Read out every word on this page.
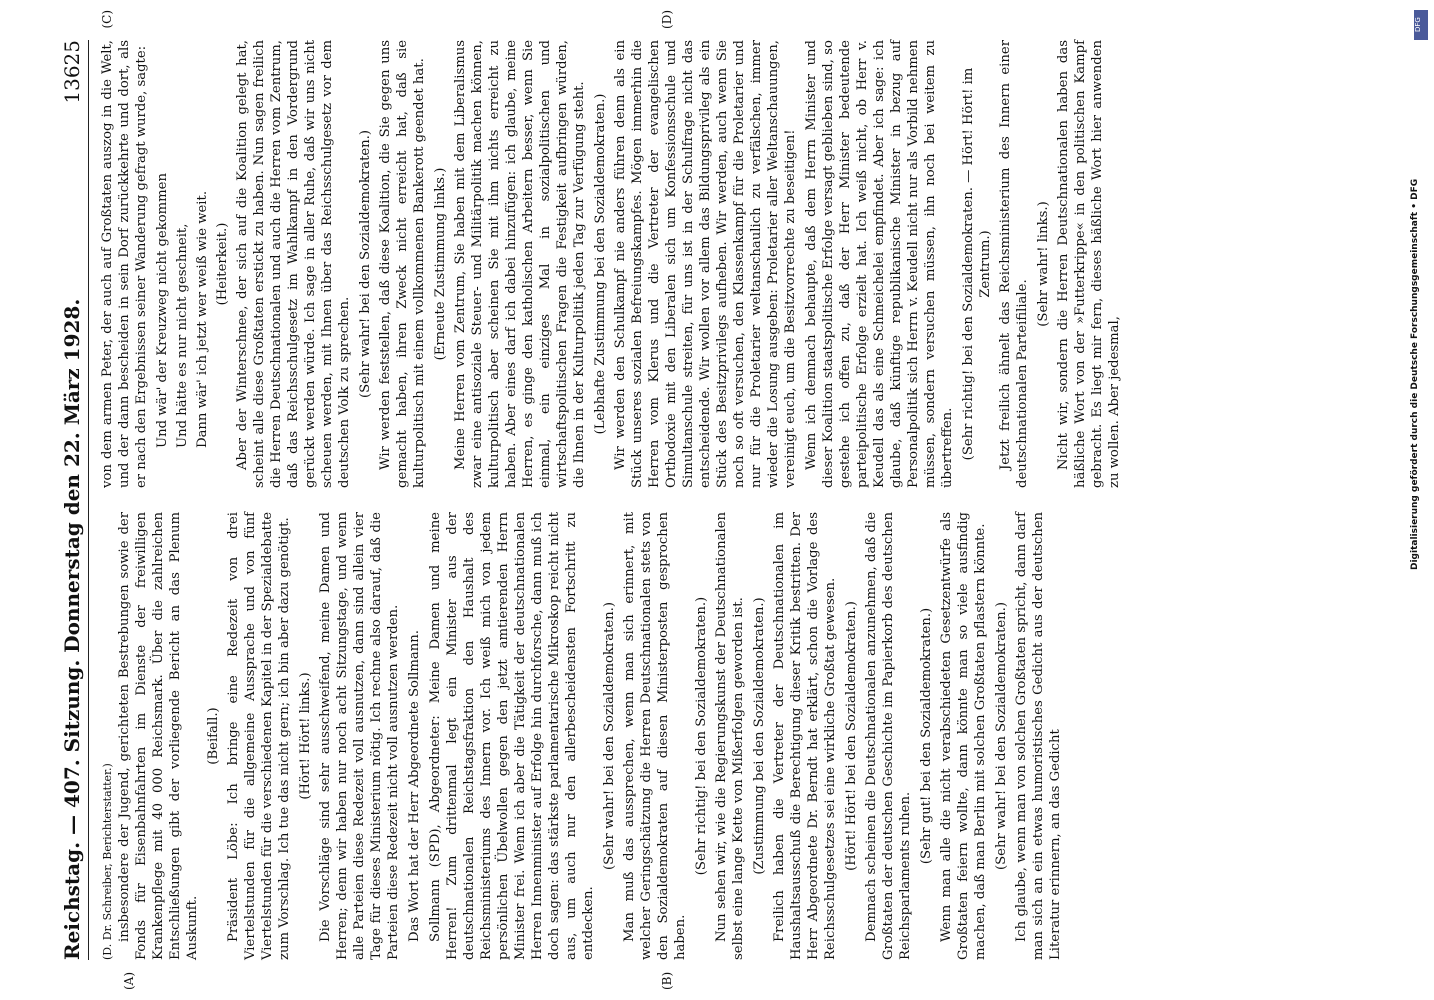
Reichstag. — 407. Sitzung. Donnerstag den 22. März 1928.
13625
(D. Dr. Schreiber, Berichterstatter.)
(A)

insbesondere der Jugend, gerichteten Bestrebungen sowie der Fonds für Eisenbahnfahrten im Dienste der freiwilligen Krankenpflege mit 40 000 Reichsmark. Über die zahlreichen Entschließungen gibt der vorliegende Bericht an das Plenum Auskunft.

(Beifall.) Präsident Löbe: Ich bringe eine Redezeit von drei Viertelstunden für die allgemeine Aussprache und von fünf Viertelstunden für die verschiedenen Kapitel in der Spezialdebatte zum Vorschlag. Ich tue das nicht gern; ich bin aber dazu genötigt. (Hört! Hört! links.) Die Vorschläge sind sehr ausschweifend, meine Damen und Herren; denn wir haben nur noch acht Sitzungstage, und wenn alle Parteien diese Redezeit voll ausnutzen, dann sind allein vier Tage für dieses Ministerium nötig. Ich rechne also darauf, daß die Parteien diese Redezeit nicht voll ausnutzen werden. Das Wort hat der Herr Abgeordnete Sollmann. Sollmann (SPD), Abgeordneter: Meine Damen und meine Herren! Zum drittenmal legt ein Minister aus der deutschnationalen Reichstagsfraktion den Haushalt des Reichsministeriums des Innern vor. Ich weiß mich von jedem persönlichen Übelwollen gegen den jetzt amtierenden Herrn Minister frei. Wenn ich aber die Tätigkeit der deutschnationalen Herren Innenminister auf Erfolge hin durchforsche, dann muß ich doch sagen: das stärkste parlamentarische Mikroskop reicht nicht aus, um auch nur den allerbescheidensten Fortschritt zu entdecken.

(B)

(Sehr wahr! bei den Sozialdemokraten.) Man muß das aussprechen, wenn man sich erinnert, mit welcher Geringschätzung die Herren Deutschnationalen stets von den Sozialdemokraten auf diesen Ministerposten gesprochen haben.

(Sehr richtig! bei den Sozialdemokraten.) Nun sehen wir, wie die Regierungskunst der Deutschnationalen selbst eine lange Kette von Mißerfolgen geworden ist. (Zustimmung bei den Sozialdemokraten.) Freilich haben die Vertreter der Deutschnationalen im Haushaltsausschuß die Berechtigung dieser Kritik bestritten. Der Herr Abgeordnete Dr. Berndt hat erklärt, schon die Vorlage des Reichsschulgesetzes sei eine wirkliche Großtat gewesen. (Hört! Hört! bei den Sozialdemokraten.) Demnach scheinen die Deutschnationalen anzunehmen, daß die Großtaten der deutschen Geschichte im Papierkorb des deutschen Reichsparlaments ruhen.

(Sehr gut! bei den Sozialdemokraten.) Wenn man alle die nicht verabschiedeten Gesetzentwürfe als Großtaten feiern wollte, dann könnte man so viele ausfindig machen, daß man Berlin mit solchen Großtaten pflastern könnte. (Sehr wahr! bei den Sozialdemokraten.) Ich glaube, wenn man von solchen Großtaten spricht, dann darf man sich an ein etwas humoristisches Gedicht aus der deutschen Literatur erinnern, an das Gedicht

(C)

von dem armen Peter, der auch auf Großtaten auszog in die Welt, und der dann bescheiden in sein Dorf zurückkehrte und dort, als er nach den Ergebnissen seiner Wanderung gefragt wurde, sagte: Und wär' der Kreuzweg nicht gekommen Und hätte es nur nicht geschneit, Dann wär' ich jetzt wer weiß wie weit. (Heiterkeit.) Aber der Winterschnee, der sich auf die Koalition gelegt hat, scheint alle diese Großtaten erstickt zu haben. Nun sagen freilich die Herren Deutschnationalen und auch die Herren vom Zentrum, daß das Reichsschulgesetz im Wahlkampf in den Vordergrund gerückt werden würde. Ich sage in aller Ruhe, daß wir uns nicht scheuen werden, mit Ihnen über das Reichsschulgesetz vor dem deutschen Volk zu sprechen. (Sehr wahr! bei den Sozialdemokraten.) Wir werden feststellen, daß diese Koalition, die Sie gegen uns gemacht haben, ihren Zweck nicht erreicht hat, daß sie kulturpolitisch mit einem vollkommenen Bankerott geendet hat. (Erneute Zustimmung links.) Meine Herren vom Zentrum, Sie haben mit dem Liberalismus zwar eine antisoziale Steuer- und Militärpolitik machen können, kulturpolitisch aber scheinen Sie mit ihm nichts erreicht zu haben. Aber eines darf ich dabei hinzufügen: ich glaube, meine Herren, es ginge den katholischen Arbeitern besser, wenn Sie einmal, ein einziges Mal in sozialpolitischen und wirtschaftspolitischen Fragen die Festigkeit aufbringen würden, die Ihnen in der Kulturpolitik jeden Tag zur Verfügung steht. (Lebhafte Zustimmung bei den Sozialdemokraten.)

(D)

Wir werden den Schulkampf nie anders führen denn als ein Stück unseres sozialen Befreiungskampfes. Mögen immerhin die Herren vom Klerus und die Vertreter der evangelischen Orthodoxie mit den Liberalen sich um Konfessionsschule und Simultanschule streiten, für uns ist in der Schulfrage nicht das entscheidende. Wir wollen vor allem das Bildungsprivileg als ein Stück des Besitzprivilegs aufheben. Wir werden, auch wenn Sie noch so oft versuchen, den Klassenkampf für die Proletarier und nur für die Proletarier weltanschaulich zu verfälschen, immer wieder die Losung ausgeben: Proletarier aller Weltanschauungen, vereinigt euch, um die Besitzvorrechte zu beseitigen! Wenn ich demnach behaupte, daß dem Herrn Minister und dieser Koalition staatspolitische Erfolge versagt geblieben sind, so gestehe ich offen zu, daß der Herr Minister bedeutende parteipolitische Erfolge erzielt hat. Ich weiß nicht, ob Herr v. Keudell das als eine Schmeichelei empfindet. Aber ich sage: ich glaube, daß künftige republikanische Minister in bezug auf Personalpolitik sich Herrn v. Keudell nicht nur als Vorbild nehmen müssen, sondern versuchen müssen, ihn noch bei weitem zu übertreffen. (Sehr richtig! bei den Sozialdemokraten. — Hört! Hört! im Zentrum.) Jetzt freilich ähnelt das Reichsministerium des Innern einer deutschnationalen Parteifiliale.

(Sehr wahr! links.) Nicht wir, sondern die Herren Deutschnationalen haben das häßliche Wort von der »Futterkrippe« in den politischen Kampf gebracht. Es liegt mir fern, dieses häßliche Wort hier anwenden zu wollen. Aber jedesmal,

DFG
Digitalisierung gefördert durch die Deutsche Forschungsgemeinschaft • DFG
